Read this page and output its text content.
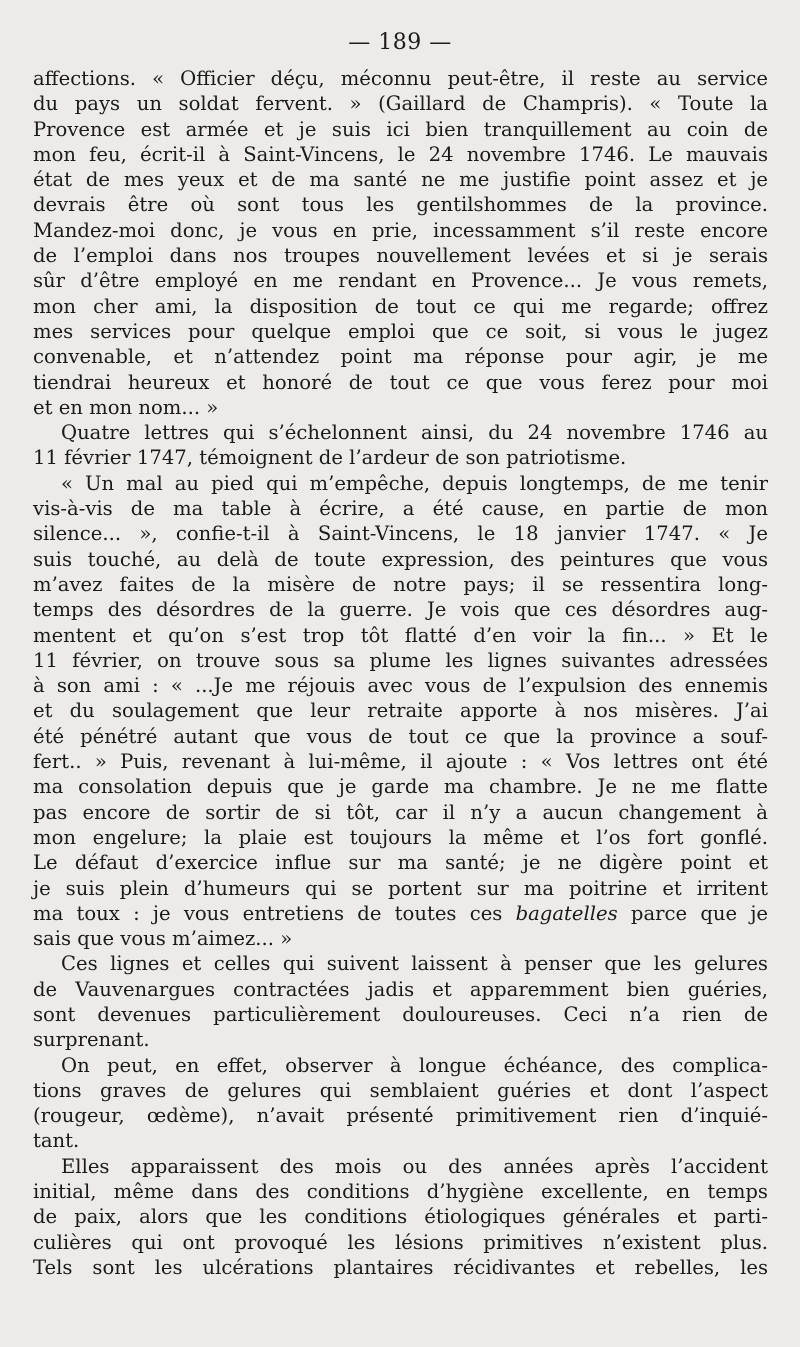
— 189 —
affections. « Officier déçu, méconnu peut-être, il reste au service
du pays un soldat fervent. » (Gaillard de Champris). « Toute la
Provence est armée et je suis ici bien tranquillement au coin de
mon feu, écrit-il à Saint-Vincens, le 24 novembre 1746. Le mauvais
état de mes yeux et de ma santé ne me justifie point assez et je
devrais être où sont tous les gentilshommes de la province.
Mandez-moi donc, je vous en prie, incessamment s’il reste encore
de l’emploi dans nos troupes nouvellement levées et si je serais
sûr d’être employé en me rendant en Provence... Je vous remets,
mon cher ami, la disposition de tout ce qui me regarde; offrez
mes services pour quelque emploi que ce soit, si vous le jugez
convenable, et n’attendez point ma réponse pour agir, je me
tiendrai heureux et honoré de tout ce que vous ferez pour moi
et en mon nom... »
Quatre lettres qui s’échelonnent ainsi, du 24 novembre 1746 au
11 février 1747, témoignent de l’ardeur de son patriotisme.
« Un mal au pied qui m’empêche, depuis longtemps, de me tenir
vis-à-vis de ma table à écrire, a été cause, en partie de mon
silence... », confie-t-il à Saint-Vincens, le 18 janvier 1747. « Je
suis touché, au delà de toute expression, des peintures que vous
m’avez faites de la misère de notre pays; il se ressentira long-
temps des désordres de la guerre. Je vois que ces désordres aug-
mentent et qu’on s’est trop tôt flatté d’en voir la fin... » Et le
11 février, on trouve sous sa plume les lignes suivantes adressées
à son ami : « ...Je me réjouis avec vous de l’expulsion des ennemis
et du soulagement que leur retraite apporte à nos misères. J’ai
été pénétré autant que vous de tout ce que la province a souf-
fert.. » Puis, revenant à lui-même, il ajoute : « Vos lettres ont été
ma consolation depuis que je garde ma chambre. Je ne me flatte
pas encore de sortir de si tôt, car il n’y a aucun changement à
mon engelure; la plaie est toujours la même et l’os fort gonflé.
Le défaut d’exercice influe sur ma santé; je ne digère point et
je suis plein d’humeurs qui se portent sur ma poitrine et irritent
ma toux : je vous entretiens de toutes ces bagatelles parce que je
sais que vous m’aimez... »
Ces lignes et celles qui suivent laissent à penser que les gelures
de Vauvenargues contractées jadis et apparemment bien guéries,
sont devenues particulièrement douloureuses. Ceci n’a rien de
surprenant.
On peut, en effet, observer à longue échéance, des complica-
tions graves de gelures qui semblaient guéries et dont l’aspect
(rougeur, œdème), n’avait présenté primitivement rien d’inquié-
tant.
Elles apparaissent des mois ou des années après l’accident
initial, même dans des conditions d’hygiène excellente, en temps
de paix, alors que les conditions étiologiques générales et parti-
culières qui ont provoqué les lésions primitives n’existent plus.
Tels sont les ulcérations plantaires récidivantes et rebelles, les
